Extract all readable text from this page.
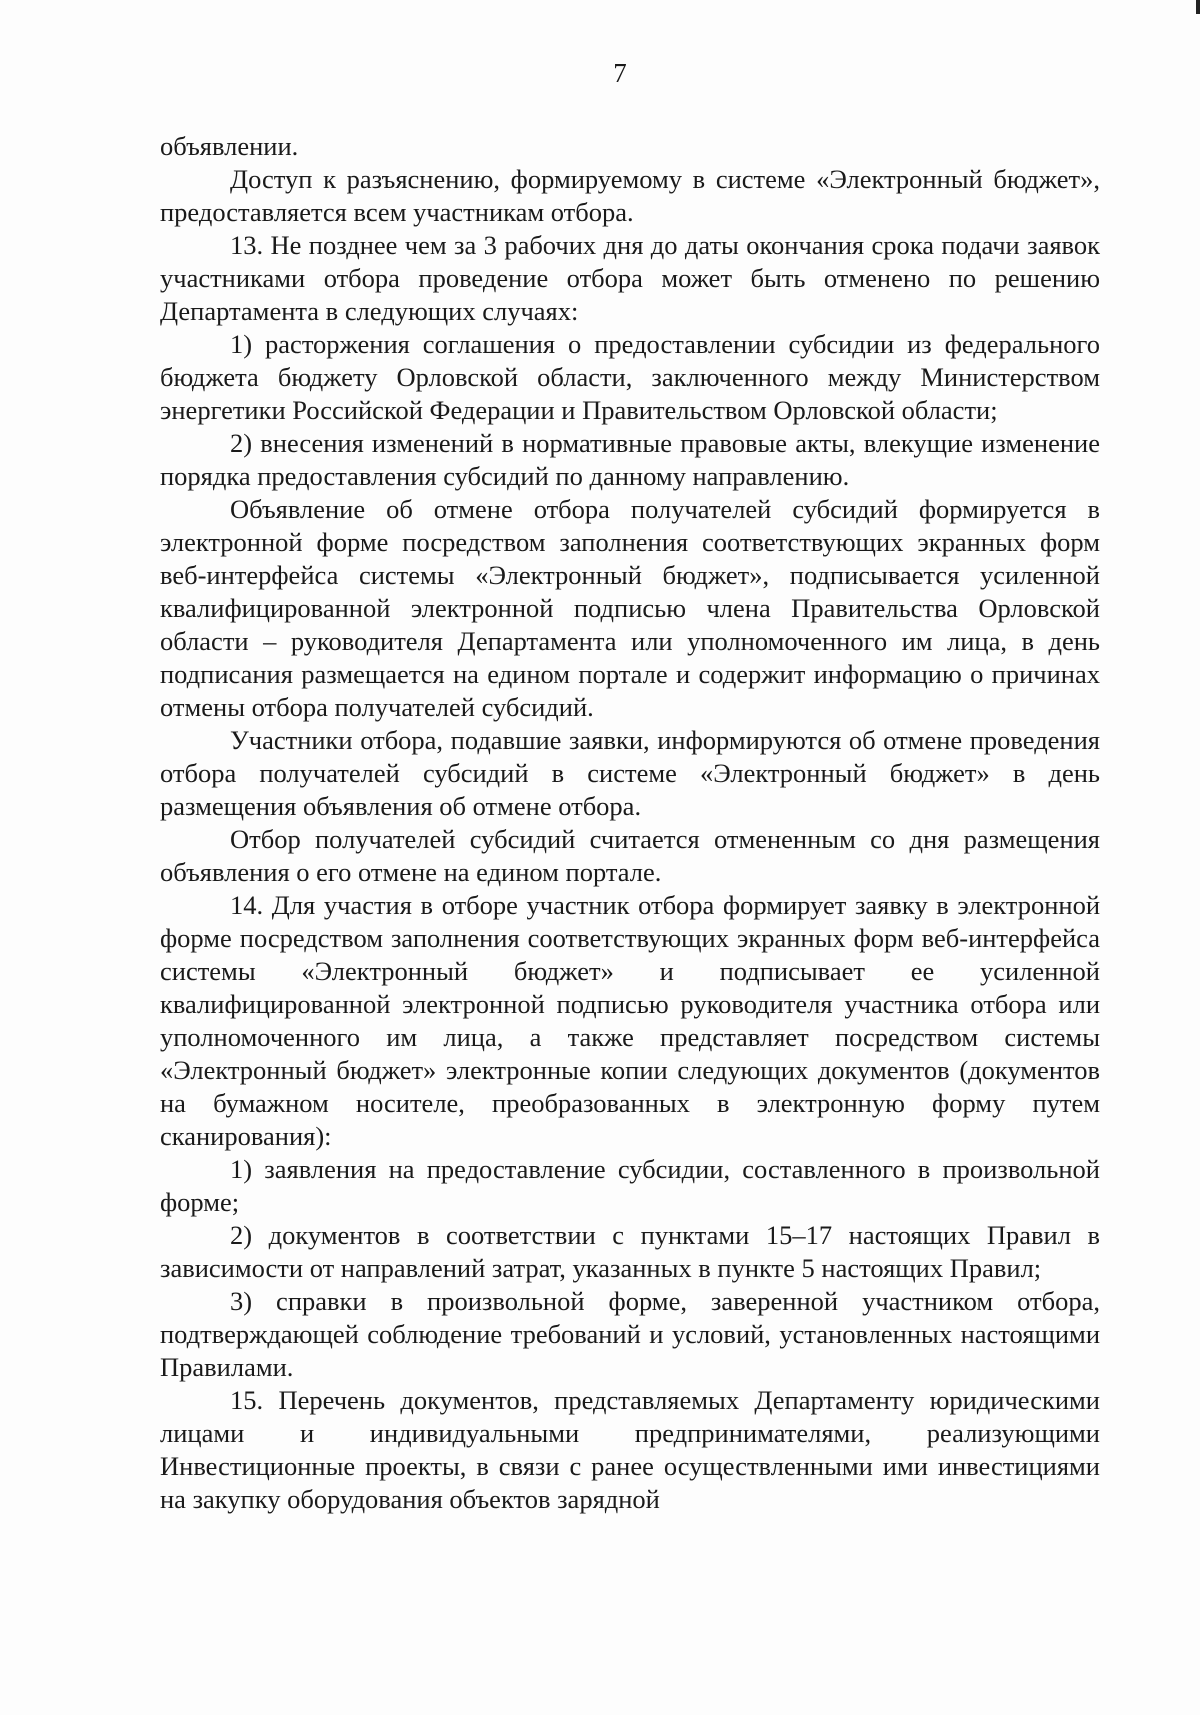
7

объявлении.

Доступ к разъяснению, формируемому в системе «Электронный бюджет», предоставляется всем участникам отбора.

13. Не позднее чем за 3 рабочих дня до даты окончания срока подачи заявок участниками отбора проведение отбора может быть отменено по решению Департамента в следующих случаях:

1) расторжения соглашения о предоставлении субсидии из федерального бюджета бюджету Орловской области, заключенного между Министерством энергетики Российской Федерации и Правительством Орловской области;

2) внесения изменений в нормативные правовые акты, влекущие изменение порядка предоставления субсидий по данному направлению.

Объявление об отмене отбора получателей субсидий формируется в электронной форме посредством заполнения соответствующих экранных форм веб-интерфейса системы «Электронный бюджет», подписывается усиленной квалифицированной электронной подписью члена Правительства Орловской области – руководителя Департамента или уполномоченного им лица, в день подписания размещается на едином портале и содержит информацию о причинах отмены отбора получателей субсидий.

Участники отбора, подавшие заявки, информируются об отмене проведения отбора получателей субсидий в системе «Электронный бюджет» в день размещения объявления об отмене отбора.

Отбор получателей субсидий считается отмененным со дня размещения объявления о его отмене на едином портале.

14. Для участия в отборе участник отбора формирует заявку в электронной форме посредством заполнения соответствующих экранных форм веб-интерфейса системы «Электронный бюджет» и подписывает ее усиленной квалифицированной электронной подписью руководителя участника отбора или уполномоченного им лица, а также представляет посредством системы «Электронный бюджет» электронные копии следующих документов (документов на бумажном носителе, преобразованных в электронную форму путем сканирования):

1) заявления на предоставление субсидии, составленного в произвольной форме;

2) документов в соответствии с пунктами 15–17 настоящих Правил в зависимости от направлений затрат, указанных в пункте 5 настоящих Правил;

3) справки в произвольной форме, заверенной участником отбора, подтверждающей соблюдение требований и условий, установленных настоящими Правилами.

15. Перечень документов, представляемых Департаменту юридическими лицами и индивидуальными предпринимателями, реализующими Инвестиционные проекты, в связи с ранее осуществленными ими инвестициями на закупку оборудования объектов зарядной
